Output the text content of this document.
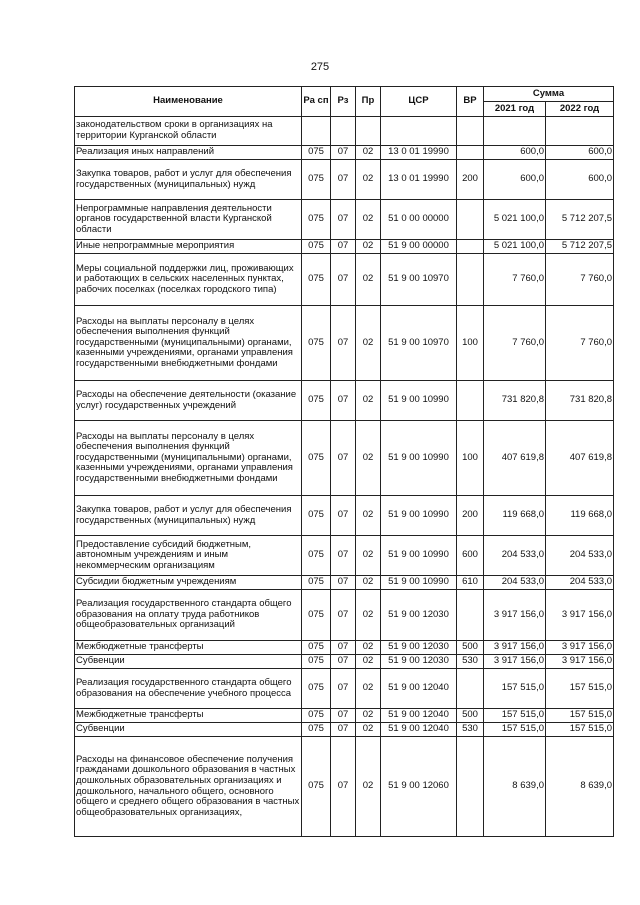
275
Наименование	Ра сп	Рз	Пр	ЦСР	ВР	Сумма	
						2021 год	2022 год
законодательством сроки в организациях на территории Курганской области							
Реализация иных направлений	075	07	02	13 0 01 19990		600,0	600,0
Закупка товаров, работ и услуг для обеспечения государственных (муниципальных) нужд	075	07	02	13 0 01 19990	200	600,0	600,0
Непрограммные направления деятельности органов государственной власти Курганской области	075	07	02	51 0 00 00000		5 021 100,0	5 712 207,5
Иные непрограммные мероприятия	075	07	02	51 9 00 00000		5 021 100,0	5 712 207,5
Меры социальной поддержки лиц, проживающих и работающих в сельских населенных пунктах, рабочих поселках (поселках городского типа)	075	07	02	51 9 00 10970		7 760,0	7 760,0
Расходы на выплаты персоналу в целях обеспечения выполнения функций государственными (муниципальными) органами, казенными учреждениями, органами управления государственными внебюджетными фондами	075	07	02	51 9 00 10970	100	7 760,0	7 760,0
Расходы на обеспечение деятельности (оказание услуг) государственных учреждений	075	07	02	51 9 00 10990		731 820,8	731 820,8
Расходы на выплаты персоналу в целях обеспечения выполнения функций государственными (муниципальными) органами, казенными учреждениями, органами управления государственными внебюджетными фондами	075	07	02	51 9 00 10990	100	407 619,8	407 619,8
Закупка товаров, работ и услуг для обеспечения государственных (муниципальных) нужд	075	07	02	51 9 00 10990	200	119 668,0	119 668,0
Предоставление субсидий бюджетным, автономным учреждениям и иным некоммерческим организациям	075	07	02	51 9 00 10990	600	204 533,0	204 533,0
Субсидии бюджетным учреждениям	075	07	02	51 9 00 10990	610	204 533,0	204 533,0
Реализация государственного стандарта общего образования на оплату труда работников общеобразовательных организаций	075	07	02	51 9 00 12030		3 917 156,0	3 917 156,0
Межбюджетные трансферты	075	07	02	51 9 00 12030	500	3 917 156,0	3 917 156,0
Субвенции	075	07	02	51 9 00 12030	530	3 917 156,0	3 917 156,0
Реализация государственного стандарта общего образования на обеспечение учебного процесса	075	07	02	51 9 00 12040		157 515,0	157 515,0
Межбюджетные трансферты	075	07	02	51 9 00 12040	500	157 515,0	157 515,0
Субвенции	075	07	02	51 9 00 12040	530	157 515,0	157 515,0
Расходы на финансовое обеспечение получения гражданами дошкольного образования в частных дошкольных образовательных организациях и дошкольного, начального общего, основного общего и среднего общего образования в частных общеобразовательных организациях,	075	07	02	51 9 00 12060		8 639,0	8 639,0
